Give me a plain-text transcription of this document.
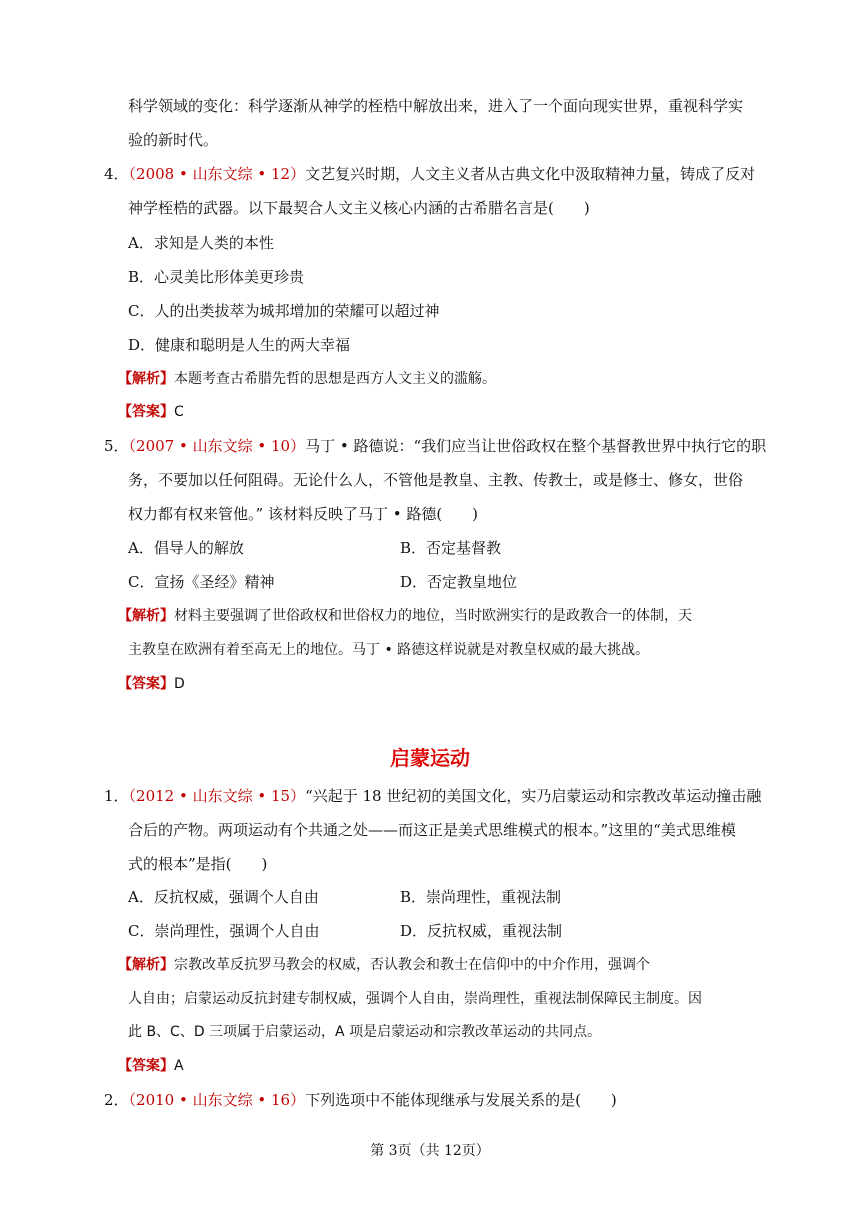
科学领域的变化：科学逐渐从神学的桎梏中解放出来，进入了一个面向现实世界，重视科学实
验的新时代。
4．（2008 • 山东文综 • 12）文艺复兴时期，人文主义者从古典文化中汲取精神力量，铸成了反对
神学桎梏的武器。以下最契合人文主义核心内涵的古希腊名言是(　　)
A．求知是人类的本性
B．心灵美比形体美更珍贵
C．人的出类拔萃为城邦增加的荣耀可以超过神
D．健康和聪明是人生的两大幸福
【解析】本题考查古希腊先哲的思想是西方人文主义的滥觞。
【答案】C
5．（2007 • 山东文综 • 10）马丁 • 路德说：“我们应当让世俗政权在整个基督教世界中执行它的职
务，不要加以任何阻碍。无论什么人，不管他是教皇、主教、传教士，或是修士、修女，世俗
权力都有权来管他。” 该材料反映了马丁 • 路德(　　)
A．倡导人的解放	B．否定基督教
C．宣扬《圣经》精神	D．否定教皇地位
【解析】材料主要强调了世俗政权和世俗权力的地位，当时欧洲实行的是政教合一的体制，天
主教皇在欧洲有着至高无上的地位。马丁 • 路德这样说就是对教皇权威的最大挑战。
【答案】D
启蒙运动
1．（2012 • 山东文综 • 15）“兴起于 18 世纪初的美国文化，实乃启蒙运动和宗教改革运动撞击融
合后的产物。两项运动有个共通之处——而这正是美式思维模式的根本。”这里的“美式思维模
式的根本”是指(　　)
A．反抗权威，强调个人自由	B．崇尚理性，重视法制
C．崇尚理性，强调个人自由	D．反抗权威，重视法制
【解析】宗教改革反抗罗马教会的权威，否认教会和教士在信仰中的中介作用，强调个
人自由；启蒙运动反抗封建专制权威，强调个人自由，崇尚理性，重视法制保障民主制度。因
此 B、C、D 三项属于启蒙运动，A 项是启蒙运动和宗教改革运动的共同点。
【答案】A
2．（2010 • 山东文综 • 16）下列选项中不能体现继承与发展关系的是(　　)
第 3页（共 12页）
